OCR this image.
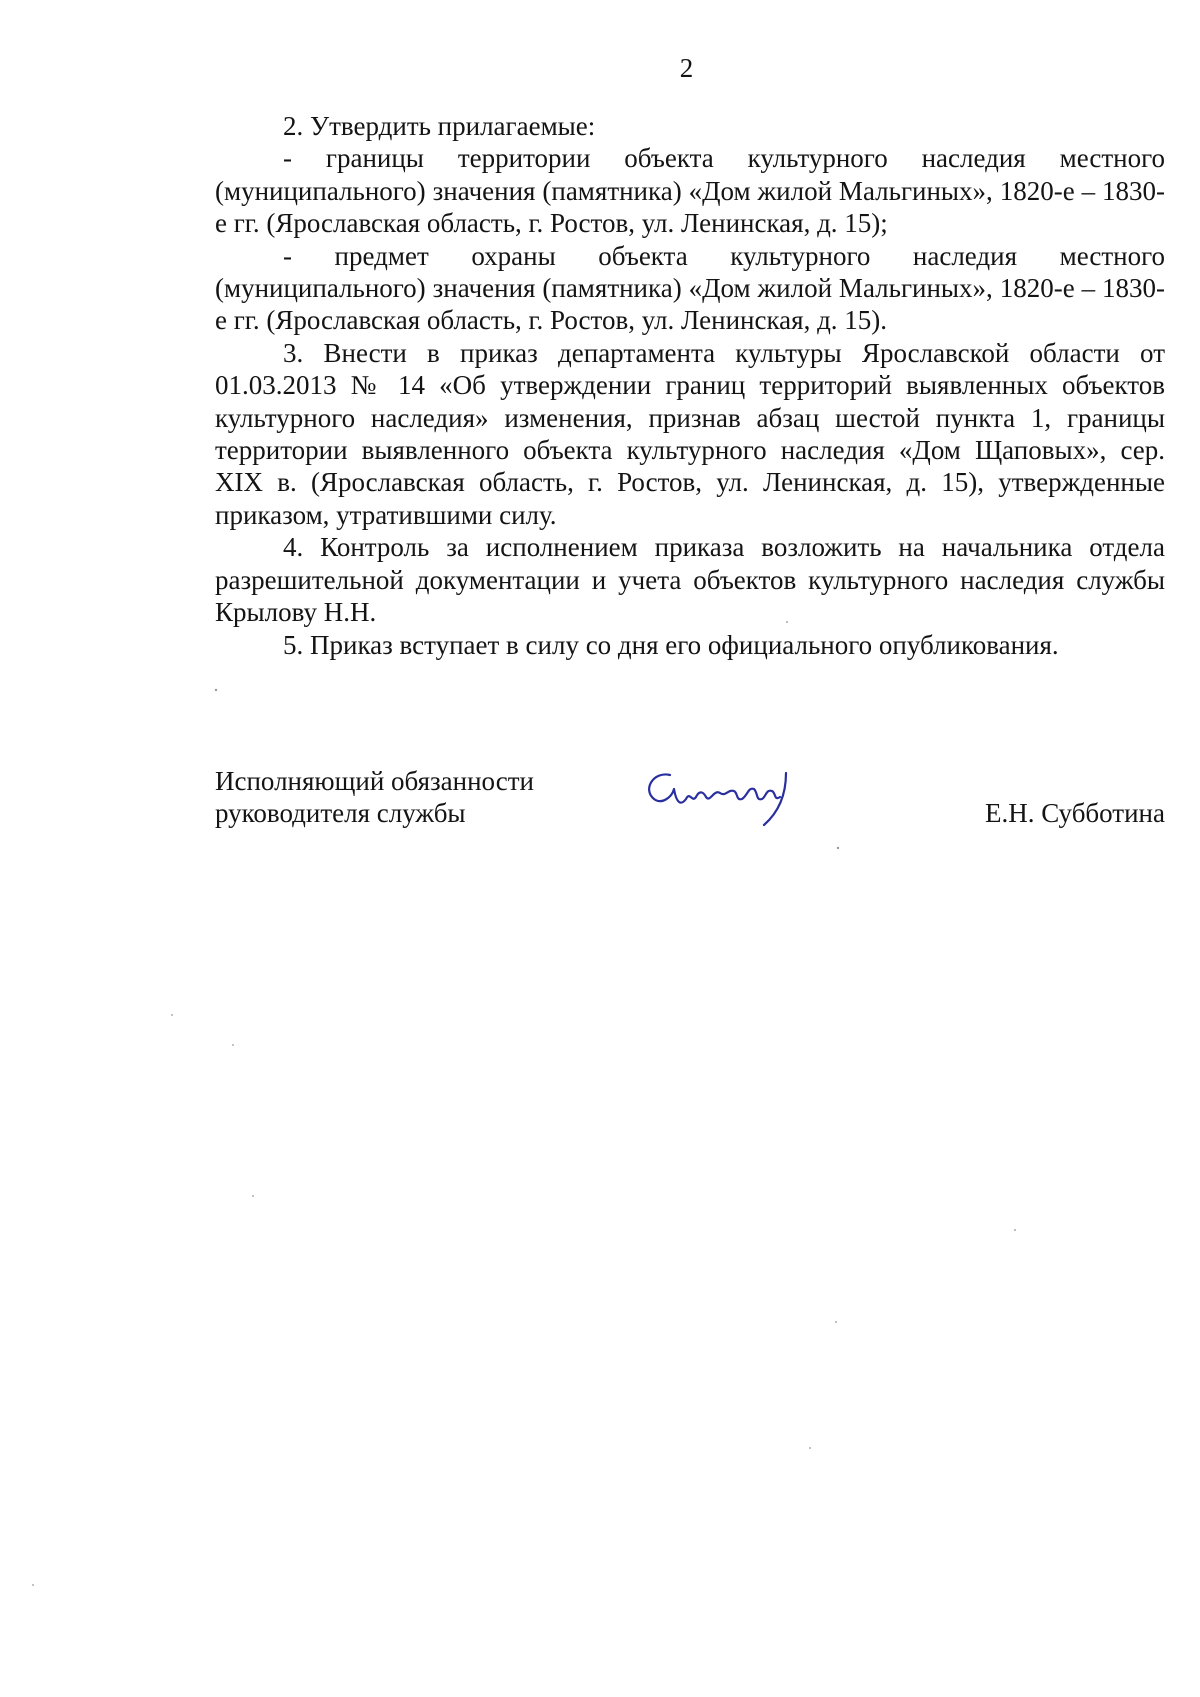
2

2. Утвердить прилагаемые:

- границы территории объекта культурного наследия местного (муниципального) значения (памятника) «Дом жилой Мальгиных», 1820-е – 1830-е гг. (Ярославская область, г. Ростов, ул. Ленинская, д. 15);

- предмет охраны объекта культурного наследия местного (муниципального) значения (памятника) «Дом жилой Мальгиных», 1820-е – 1830-е гг. (Ярославская область, г. Ростов, ул. Ленинская, д. 15).

3. Внести в приказ департамента культуры Ярославской области от 01.03.2013 № 14 «Об утверждении границ территорий выявленных объектов культурного наследия» изменения, признав абзац шестой пункта 1, границы территории выявленного объекта культурного наследия «Дом Щаповых», сер. XIX в. (Ярославская область, г. Ростов, ул. Ленинская, д. 15), утвержденные приказом, утратившими силу.

4. Контроль за исполнением приказа возложить на начальника отдела разрешительной документации и учета объектов культурного наследия службы Крылову Н.Н.

5. Приказ вступает в силу со дня его официального опубликования.

Исполняющий обязанности
руководителя службы	Е.Н. Субботина
